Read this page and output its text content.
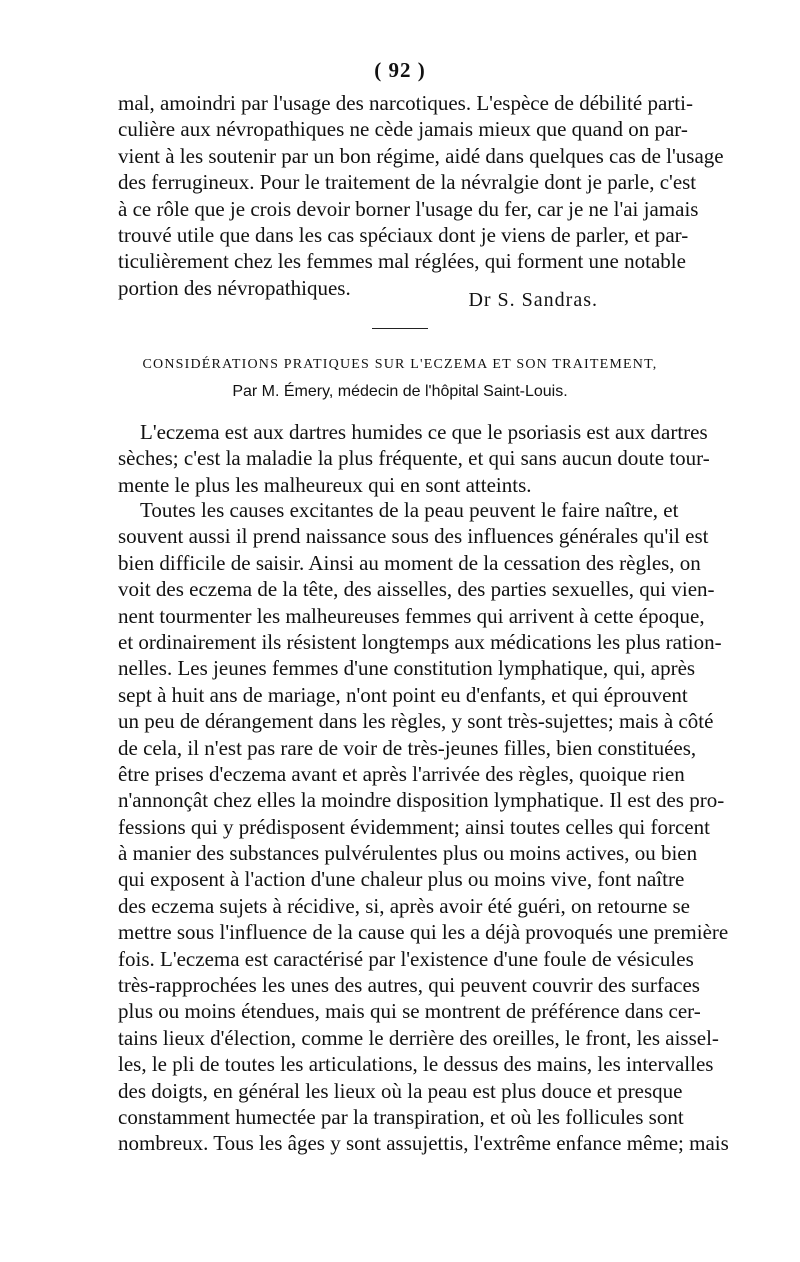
( 92 )
mal, amoindri par l'usage des narcotiques. L'espèce de débilité parti-
culière aux névropathiques ne cède jamais mieux que quand on par-
vient à les soutenir par un bon régime, aidé dans quelques cas de l'usage
des ferrugineux. Pour le traitement de la névralgie dont je parle, c'est
à ce rôle que je crois devoir borner l'usage du fer, car je ne l'ai jamais
trouvé utile que dans les cas spéciaux dont je viens de parler, et par-
ticulièrement chez les femmes mal réglées, qui forment une notable
portion des névropathiques.
Dr S. Sandras.
CONSIDÉRATIONS PRATIQUES SUR L'ECZEMA ET SON TRAITEMENT,
Par M. Émery, médecin de l'hôpital Saint-Louis.
L'eczema est aux dartres humides ce que le psoriasis est aux dartres
sèches; c'est la maladie la plus fréquente, et qui sans aucun doute tour-
mente le plus les malheureux qui en sont atteints.
Toutes les causes excitantes de la peau peuvent le faire naître, et
souvent aussi il prend naissance sous des influences générales qu'il est
bien difficile de saisir. Ainsi au moment de la cessation des règles, on
voit des eczema de la tête, des aisselles, des parties sexuelles, qui vien-
nent tourmenter les malheureuses femmes qui arrivent à cette époque,
et ordinairement ils résistent longtemps aux médications les plus ration-
nelles. Les jeunes femmes d'une constitution lymphatique, qui, après
sept à huit ans de mariage, n'ont point eu d'enfants, et qui éprouvent
un peu de dérangement dans les règles, y sont très-sujettes; mais à côté
de cela, il n'est pas rare de voir de très-jeunes filles, bien constituées,
être prises d'eczema avant et après l'arrivée des règles, quoique rien
n'annonçât chez elles la moindre disposition lymphatique. Il est des pro-
fessions qui y prédisposent évidemment; ainsi toutes celles qui forcent
à manier des substances pulvérulentes plus ou moins actives, ou bien
qui exposent à l'action d'une chaleur plus ou moins vive, font naître
des eczema sujets à récidive, si, après avoir été guéri, on retourne se
mettre sous l'influence de la cause qui les a déjà provoqués une première
fois. L'eczema est caractérisé par l'existence d'une foule de vésicules
très-rapprochées les unes des autres, qui peuvent couvrir des surfaces
plus ou moins étendues, mais qui se montrent de préférence dans cer-
tains lieux d'élection, comme le derrière des oreilles, le front, les aissel-
les, le pli de toutes les articulations, le dessus des mains, les intervalles
des doigts, en général les lieux où la peau est plus douce et presque
constamment humectée par la transpiration, et où les follicules sont
nombreux. Tous les âges y sont assujettis, l'extrême enfance même; mais
